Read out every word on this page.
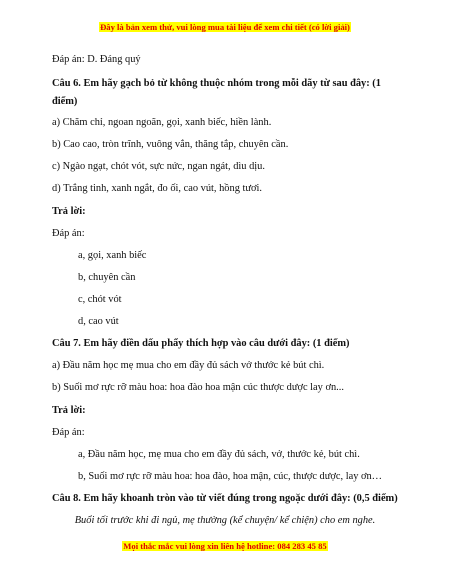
Đây là bản xem thử, vui lòng mua tài liệu để xem chi tiết (có lời giải)
Đáp án: D. Đáng quý
Câu 6. Em hãy gạch bỏ từ không thuộc nhóm trong mỗi dãy từ sau đây: (1
điểm)
a) Chăm chỉ, ngoan ngoãn, gọi, xanh biếc, hiền lành.
b) Cao cao, tròn trĩnh, vuông vắn, thăng tắp, chuyên cần.
c) Ngào ngạt, chót vót, sực nức, ngan ngát, dìu dịu.
d) Trắng tinh, xanh ngắt, đo ối, cao vút, hồng tươi.
Trả lời:
Đáp án:
a, gọi, xanh biếc
b, chuyên cần
c, chót vót
d, cao vút
Câu 7. Em hãy điền dấu phẩy thích hợp vào câu dưới đây: (1 điểm)
a) Đầu năm học mẹ mua cho em đầy đủ sách vở thước kẻ bút chì.
b) Suối mơ rực rỡ màu hoa: hoa đào hoa mận cúc thược dược lay ơn...
Trả lời:
Đáp án:
a, Đầu năm học, mẹ mua cho em đầy đủ sách, vở, thước kẻ, bút chì.
b, Suối mơ rực rỡ màu hoa: hoa đào, hoa mận, cúc, thược dược, lay ơn…
Câu 8. Em hãy khoanh tròn vào từ viết đúng trong ngoặc dưới đây: (0,5 điểm)
Buổi tối trước khi đi ngủ, mẹ thường (kể chuyện/ kể chiện) cho em nghe.
Mọi thắc mắc vui lòng xin liên hệ hotline: 084 283 45 85
